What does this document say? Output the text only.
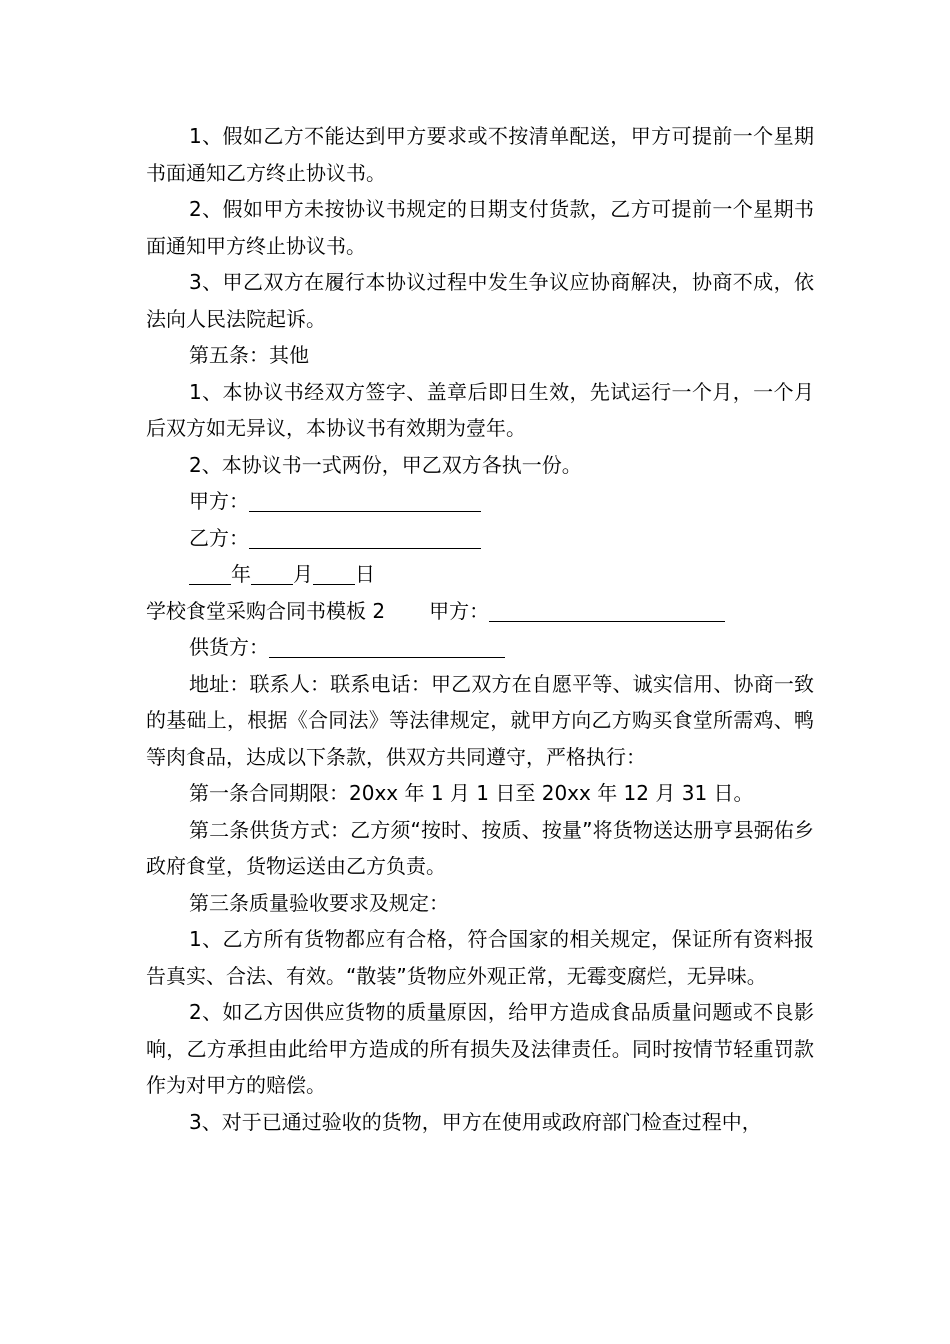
1、假如乙方不能达到甲方要求或不按清单配送，甲方可提前一个星期书面通知乙方终止协议书。

2、假如甲方未按协议书规定的日期支付货款，乙方可提前一个星期书面通知甲方终止协议书。

3、甲乙双方在履行本协议过程中发生争议应协商解决，协商不成，依法向人民法院起诉。

第五条：其他

1、本协议书经双方签字、盖章后即日生效，先试运行一个月，一个月后双方如无异议，本协议书有效期为壹年。

2、本协议书一式两份，甲乙双方各执一份。

甲方：

乙方：

年 月 日

学校食堂采购合同书模板 2 甲方：

供货方：

地址：联系人：联系电话：甲乙双方在自愿平等、诚实信用、协商一致的基础上，根据《合同法》等法律规定，就甲方向乙方购买食堂所需鸡、鸭等肉食品，达成以下条款，供双方共同遵守，严格执行：

第一条合同期限：20xx 年 1 月 1 日至 20xx 年 12 月 31 日。

第二条供货方式：乙方须“按时、按质、按量”将货物送达册亨县弼佑乡政府食堂，货物运送由乙方负责。

第三条质量验收要求及规定：

1、乙方所有货物都应有合格，符合国家的相关规定，保证所有资料报告真实、合法、有效。“散装”货物应外观正常，无霉变腐烂，无异味。

2、如乙方因供应货物的质量原因，给甲方造成食品质量问题或不良影响，乙方承担由此给甲方造成的所有损失及法律责任。同时按情节轻重罚款作为对甲方的赔偿。

3、对于已通过验收的货物，甲方在使用或政府部门检查过程中，
